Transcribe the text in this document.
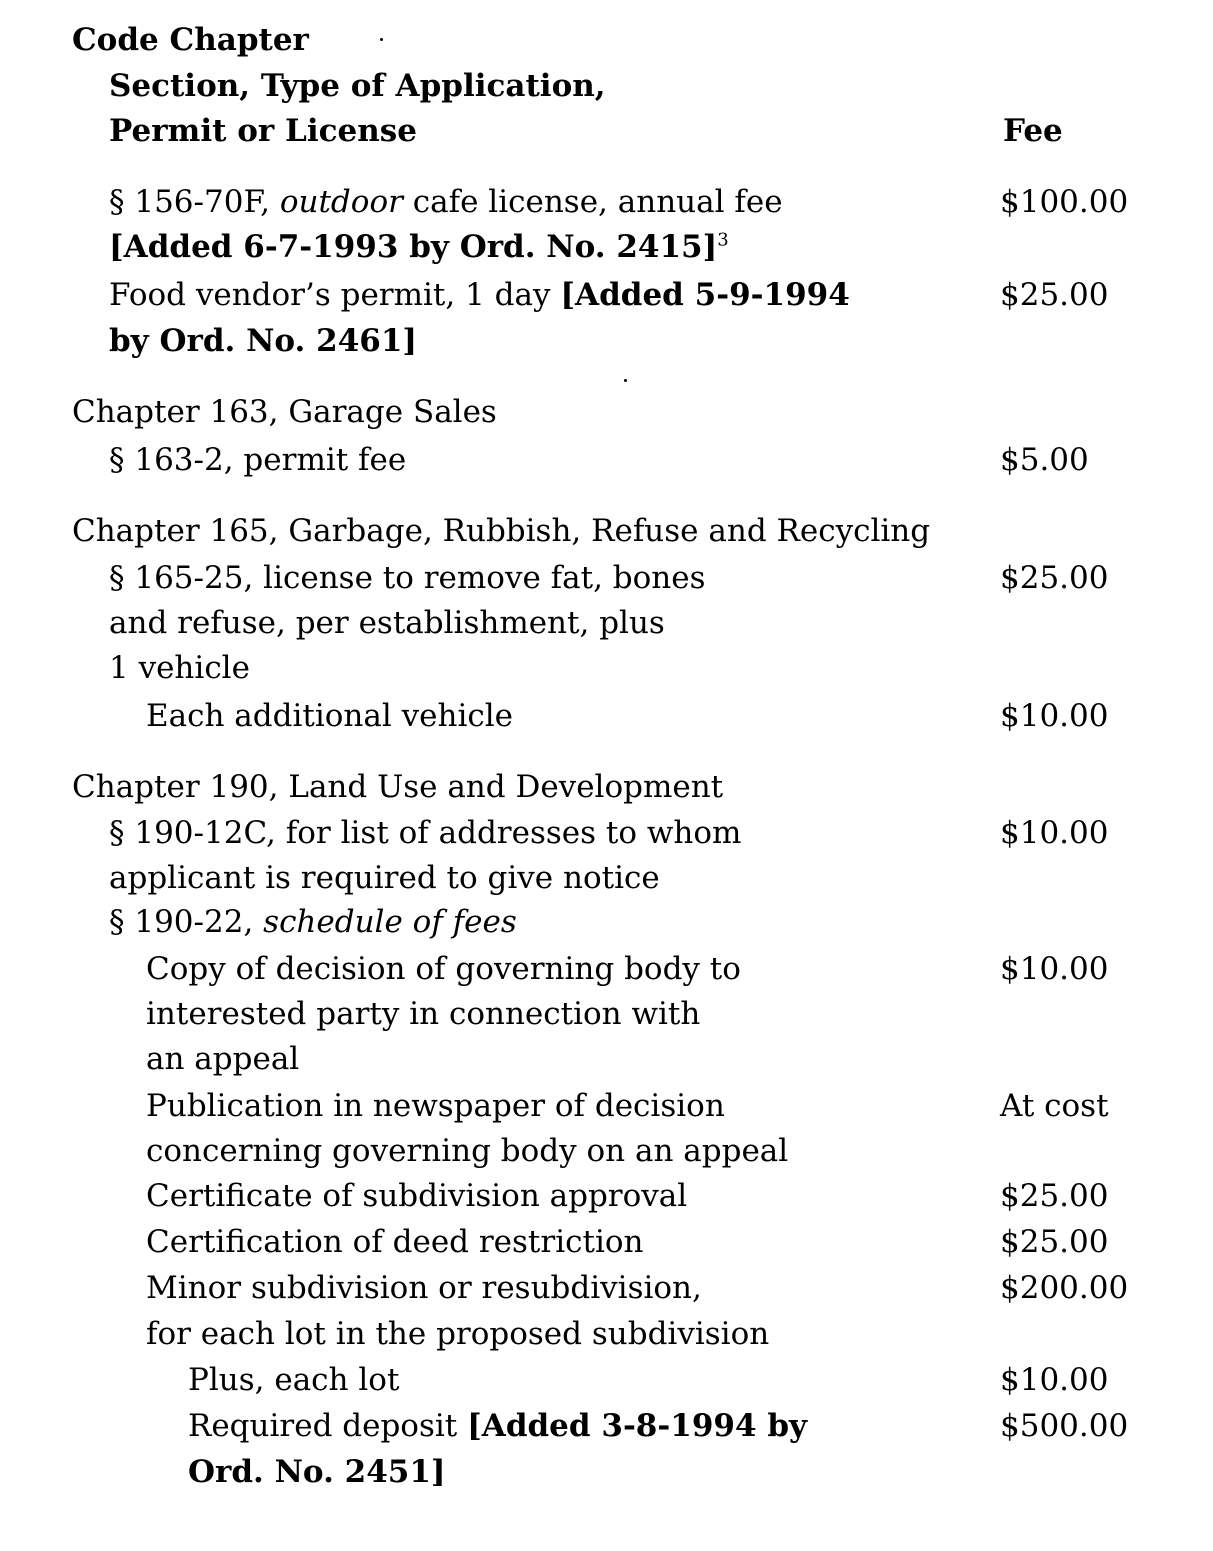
Code Chapter
Section, Type of Application,
Permit or License	Fee
§ 156-70F, outdoor cafe license, annual fee	$100.00
[Added 6-7-1993 by Ord. No. 2415]$^3$
Food vendor’s permit, 1 day [Added 5-9-1994	$25.00
by Ord. No. 2461]
Chapter 163, Garage Sales
§ 163-2, permit fee	$5.00
Chapter 165, Garbage, Rubbish, Refuse and Recycling
§ 165-25, license to remove fat, bones	$25.00
and refuse, per establishment, plus
1 vehicle
Each additional vehicle	$10.00
Chapter 190, Land Use and Development
§ 190-12C, for list of addresses to whom	$10.00
applicant is required to give notice
§ 190-22, schedule of fees
Copy of decision of governing body to	$10.00
interested party in connection with
an appeal
Publication in newspaper of decision	At cost
concerning governing body on an appeal
Certificate of subdivision approval	$25.00
Certification of deed restriction	$25.00
Minor subdivision or resubdivision,	$200.00
for each lot in the proposed subdivision
Plus, each lot	$10.00
Required deposit [Added 3-8-1994 by	$500.00
Ord. No. 2451]
